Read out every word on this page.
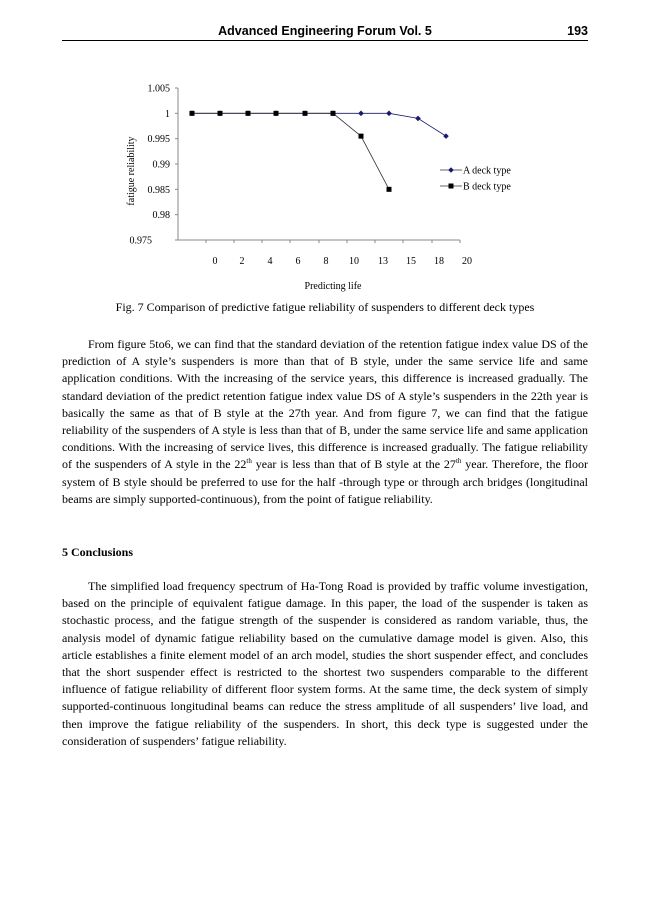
Advanced Engineering Forum Vol. 5	193
0.975
0.98
0.985
0.99
0.995
1
1.005
0 2 4 6 8 10 13 15 18 20
Predicting life
fatigue reliability	A deck type
B deck type
Fig. 7 Comparison of predictive fatigue reliability of suspenders to different deck types

From figure 5to6, we can find that the standard deviation of the retention fatigue index value DS of the prediction of A style’s suspenders is more than that of B style, under the same service life and same application conditions. With the increasing of the service years, this difference is increased gradually. The standard deviation of the predict retention fatigue index value DS of A style’s suspenders in the 22th year is basically the same as that of B style at the 27th year. And from figure 7, we can find that the fatigue reliability of the suspenders of A style is less than that of B, under the same service life and same application conditions. With the increasing of service lives, this difference is increased gradually. The fatigue reliability of the suspenders of A style in the 22th year is less than that of B style at the 27th year. Therefore, the floor system of B style should be preferred to use for the half -through type or through arch bridges (longitudinal beams are simply supported-continuous), from the point of fatigue reliability.

5 Conclusions

The simplified load frequency spectrum of Ha-Tong Road is provided by traffic volume investigation, based on the principle of equivalent fatigue damage. In this paper, the load of the suspender is taken as stochastic process, and the fatigue strength of the suspender is considered as random variable, thus, the analysis model of dynamic fatigue reliability based on the cumulative damage model is given. Also, this article establishes a finite element model of an arch model, studies the short suspender effect, and concludes that the short suspender effect is restricted to the shortest two suspenders comparable to the different influence of fatigue reliability of different floor system forms. At the same time, the deck system of simply supported-continuous longitudinal beams can reduce the stress amplitude of all suspenders’ live load, and then improve the fatigue reliability of the suspenders. In short, this deck type is suggested under the consideration of suspenders’ fatigue reliability.
